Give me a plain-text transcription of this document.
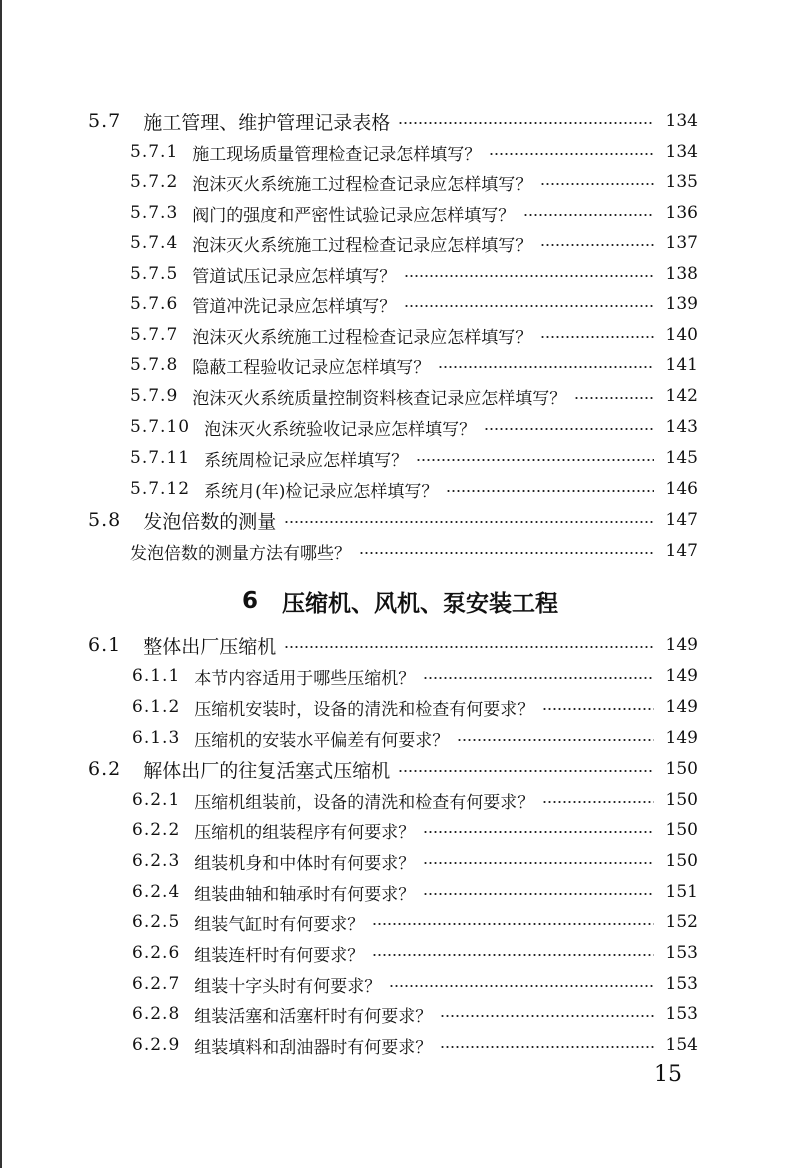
5.7 施工管理、维护管理记录表格	134
5.7.1 施工现场质量管理检查记录怎样填写？	134
5.7.2 泡沫灭火系统施工过程检查记录应怎样填写？	135
5.7.3 阀门的强度和严密性试验记录应怎样填写？	136
5.7.4 泡沫灭火系统施工过程检查记录应怎样填写？	137
5.7.5 管道试压记录应怎样填写？	138
5.7.6 管道冲洗记录应怎样填写？	139
5.7.7 泡沫灭火系统施工过程检查记录应怎样填写？	140
5.7.8 隐蔽工程验收记录应怎样填写？	141
5.7.9 泡沫灭火系统质量控制资料核查记录应怎样填写？	142
5.7.10 泡沫灭火系统验收记录应怎样填写？	143
5.7.11 系统周检记录应怎样填写？	145
5.7.12 系统月(年)检记录应怎样填写？	146
5.8 发泡倍数的测量	147
发泡倍数的测量方法有哪些？	147
6 压缩机、风机、泵安装工程
6.1 整体出厂压缩机	149
6.1.1 本节内容适用于哪些压缩机？	149
6.1.2 压缩机安装时，设备的清洗和检查有何要求？	149
6.1.3 压缩机的安装水平偏差有何要求？	149
6.2 解体出厂的往复活塞式压缩机	150
6.2.1 压缩机组装前，设备的清洗和检查有何要求？	150
6.2.2 压缩机的组装程序有何要求？	150
6.2.3 组装机身和中体时有何要求？	150
6.2.4 组装曲轴和轴承时有何要求？	151
6.2.5 组装气缸时有何要求？	152
6.2.6 组装连杆时有何要求？	153
6.2.7 组装十字头时有何要求？	153
6.2.8 组装活塞和活塞杆时有何要求？	153
6.2.9 组装填料和刮油器时有何要求？	154
15
